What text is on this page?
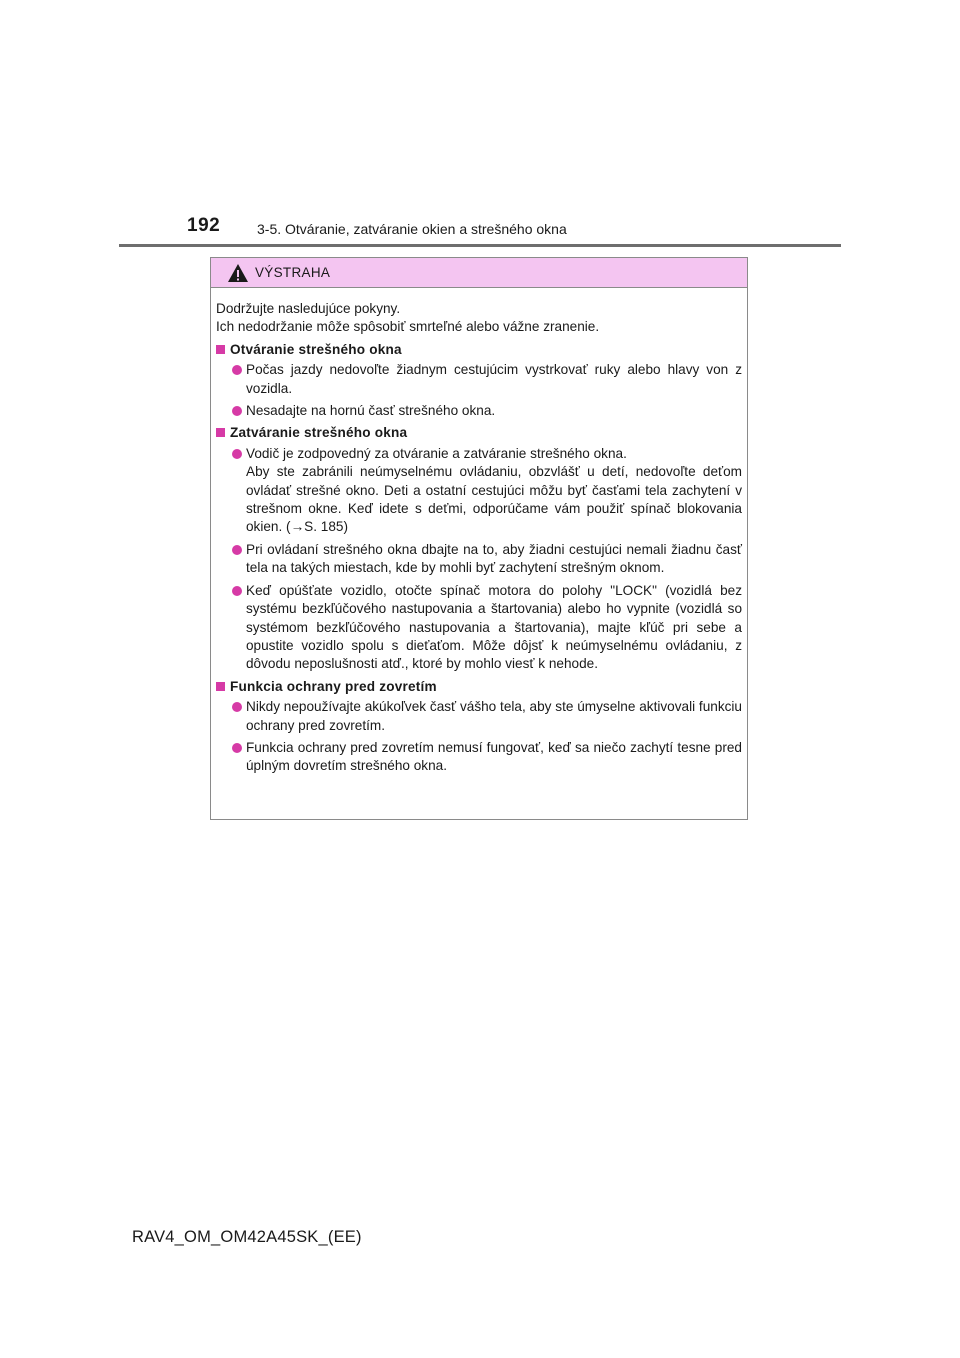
192	3-5. Otváranie, zatváranie okien a strešného okna
VÝSTRAHA

Dodržujte nasledujúce pokyny.

Ich nedodržanie môže spôsobiť smrteľné alebo vážne zranenie.

Otváranie strešného okna
Počas jazdy nedovoľte žiadnym cestujúcim vystrkovať ruky alebo hlavy von z vozidla.
Nesadajte na hornú časť strešného okna.
Zatváranie strešného okna
Vodič je zodpovedný za otváranie a zatváranie strešného okna.
Aby ste zabránili neúmyselnému ovládaniu, obzvlášť u detí, nedovoľte deťom ovládať strešné okno. Deti a ostatní cestujúci môžu byť časťami tela zachytení v strešnom okne. Keď idete s deťmi, odporúčame vám použiť spínač blokovania okien. (→S. 185)
Pri ovládaní strešného okna dbajte na to, aby žiadni cestujúci nemali žiadnu časť tela na takých miestach, kde by mohli byť zachytení strešným oknom.
Keď opúšťate vozidlo, otočte spínač motora do polohy "LOCK" (vozidlá bez systému bezkľúčového nastupovania a štartovania) alebo ho vypnite (vozidlá so systémom bezkľúčového nastupovania a štartovania), majte kľúč pri sebe a opustite vozidlo spolu s dieťaťom. Môže dôjsť k neúmyselnému ovládaniu, z dôvodu neposlušnosti atď., ktoré by mohlo viesť k nehode.
Funkcia ochrany pred zovretím
Nikdy nepoužívajte akúkoľvek časť vášho tela, aby ste úmyselne aktivovali funkciu ochrany pred zovretím.
Funkcia ochrany pred zovretím nemusí fungovať, keď sa niečo zachytí tesne pred úplným dovretím strešného okna.
RAV4_OM_OM42A45SK_(EE)
